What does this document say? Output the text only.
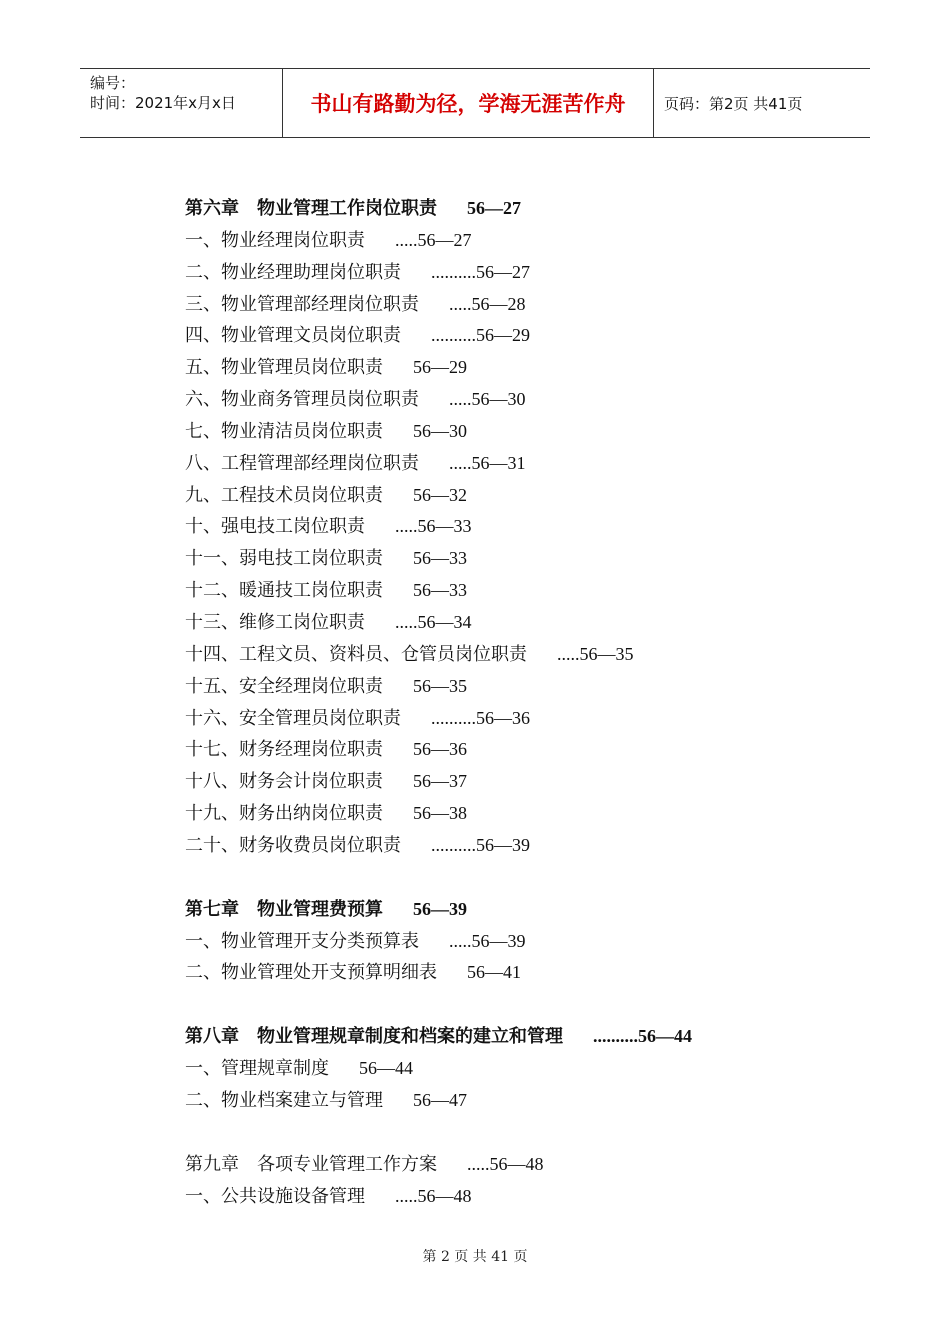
编号：
时间：2021年x月x日	书山有路勤为径，学海无涯苦作舟	页码：第2页 共41页
第六章　物业管理工作岗位职责 56—27
一、物业经理岗位职责 .....56—27
二、物业经理助理岗位职责 ..........56—27
三、物业管理部经理岗位职责 .....56—28
四、物业管理文员岗位职责 ..........56—29
五、物业管理员岗位职责 56—29
六、物业商务管理员岗位职责 .....56—30
七、物业清洁员岗位职责 56—30
八、工程管理部经理岗位职责 .....56—31
九、工程技术员岗位职责 56—32
十、强电技工岗位职责 .....56—33
十一、弱电技工岗位职责 56—33
十二、暖通技工岗位职责 56—33
十三、维修工岗位职责 .....56—34
十四、工程文员、资料员、仓管员岗位职责 .....56—35
十五、安全经理岗位职责 56—35
十六、安全管理员岗位职责 ..........56—36
十七、财务经理岗位职责 56—36
十八、财务会计岗位职责 56—37
十九、财务出纳岗位职责 56—38
二十、财务收费员岗位职责 ..........56—39
第七章　物业管理费预算 56—39
一、物业管理开支分类预算表 .....56—39
二、物业管理处开支预算明细表 56—41
第八章　物业管理规章制度和档案的建立和管理 ..........56—44
一、管理规章制度 56—44
二、物业档案建立与管理 56—47
第九章　各项专业管理工作方案 .....56—48
一、公共设施设备管理 .....56—48
第 2 页 共 41 页
